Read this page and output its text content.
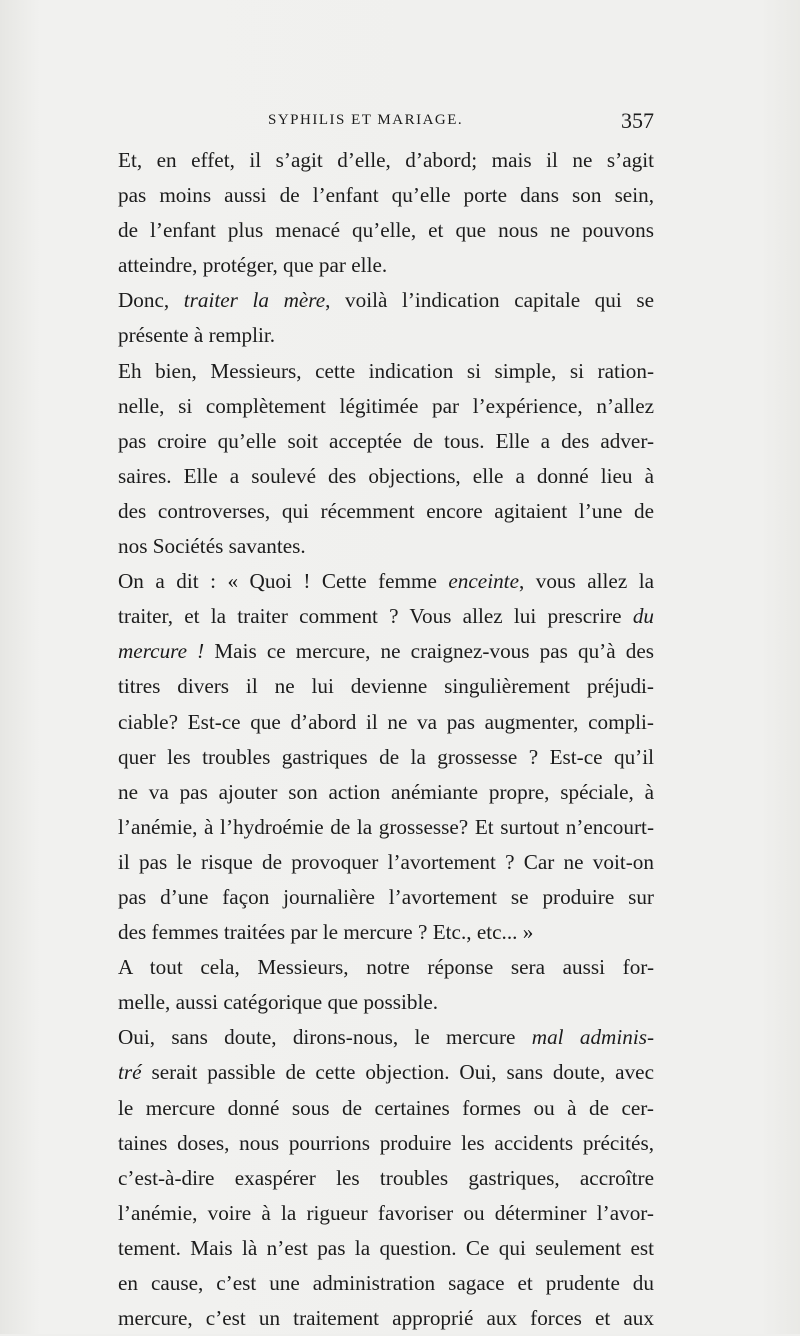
SYPHILIS ET MARIAGE.	357

Et, en effet, il s’agit d’elle, d’abord; mais il ne s’agit
pas moins aussi de l’enfant qu’elle porte dans son sein,
de l’enfant plus menacé qu’elle, et que nous ne pouvons
atteindre, protéger, que par elle.

Donc, traiter la mère, voilà l’indication capitale qui se
présente à remplir.

Eh bien, Messieurs, cette indication si simple, si ration-
nelle, si complètement légitimée par l’expérience, n’allez
pas croire qu’elle soit acceptée de tous. Elle a des adver-
saires. Elle a soulevé des objections, elle a donné lieu à
des controverses, qui récemment encore agitaient l’une de
nos Sociétés savantes.

On a dit : « Quoi ! Cette femme enceinte, vous allez la
traiter, et la traiter comment ? Vous allez lui prescrire du
mercure ! Mais ce mercure, ne craignez-vous pas qu’à des
titres divers il ne lui devienne singulièrement préjudi-
ciable? Est-ce que d’abord il ne va pas augmenter, compli-
quer les troubles gastriques de la grossesse ? Est-ce qu’il
ne va pas ajouter son action anémiante propre, spéciale, à
l’anémie, à l’hydroémie de la grossesse? Et surtout n’encourt-
il pas le risque de provoquer l’avortement ? Car ne voit-on
pas d’une façon journalière l’avortement se produire sur
des femmes traitées par le mercure ? Etc., etc... »

A tout cela, Messieurs, notre réponse sera aussi for-
melle, aussi catégorique que possible.

Oui, sans doute, dirons-nous, le mercure mal adminis-
tré serait passible de cette objection. Oui, sans doute, avec
le mercure donné sous de certaines formes ou à de cer-
taines doses, nous pourrions produire les accidents précités,
c’est-à-dire exaspérer les troubles gastriques, accroître
l’anémie, voire à la rigueur favoriser ou déterminer l’avor-
tement. Mais là n’est pas la question. Ce qui seulement est
en cause, c’est une administration sagace et prudente du
mercure, c’est un traitement approprié aux forces et aux
